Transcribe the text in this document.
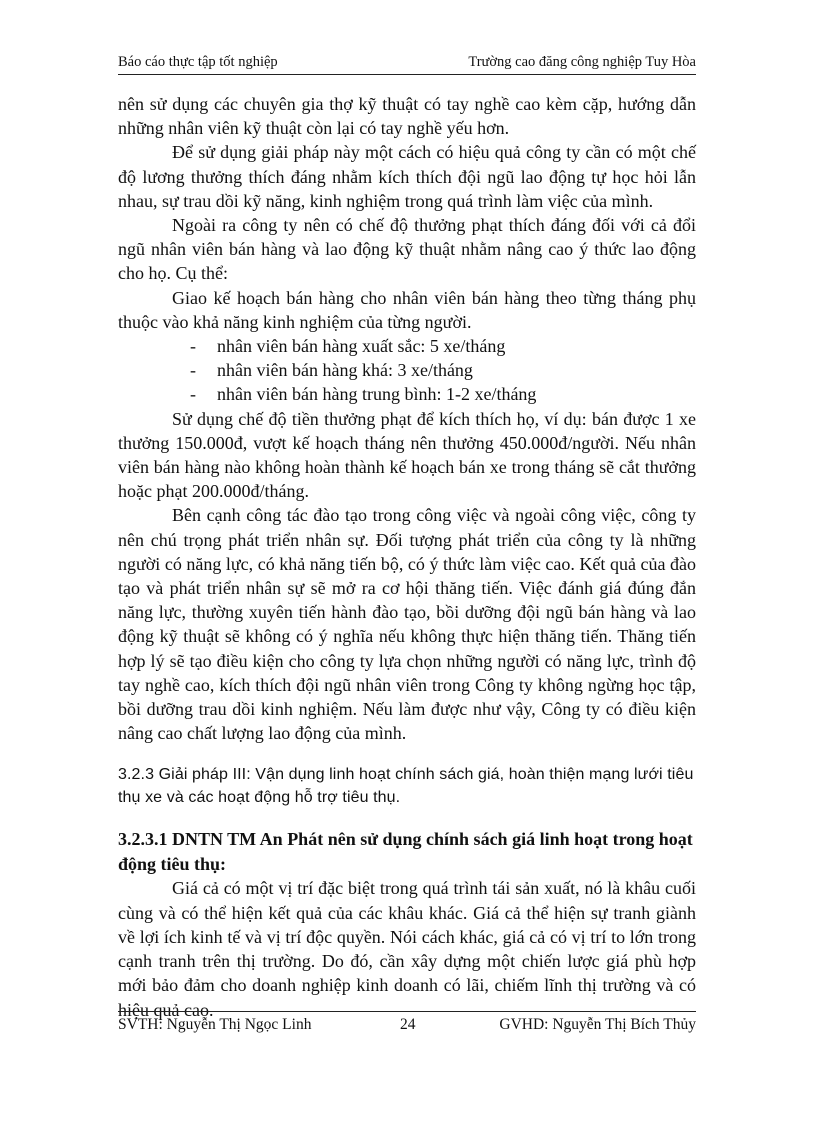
Báo cáo thực tập tốt nghiệp	Trường cao đăng công nghiệp Tuy Hòa

nên sử dụng các chuyên gia thợ kỹ thuật có tay nghề cao kèm cặp, hướng dẫn những nhân viên kỹ thuật còn lại có tay nghề yếu hơn.

Để sử dụng giải pháp này một cách có hiệu quả công ty cần có một chế độ lương thưởng thích đáng nhằm kích thích đội ngũ lao động tự học hỏi lẫn nhau, sự trau dồi kỹ năng, kinh nghiệm trong quá trình làm việc của mình.

Ngoài ra công ty nên có chế độ thưởng phạt thích đáng đối với cả đổi ngũ nhân viên bán hàng và lao động kỹ thuật nhằm nâng cao ý thức lao động cho họ. Cụ thể:

Giao kế hoạch bán hàng cho nhân viên bán hàng theo từng tháng phụ thuộc vào khả năng kinh nghiệm của từng người.

- nhân viên bán hàng xuất sắc: 5 xe/tháng
- nhân viên bán hàng khá: 3 xe/tháng
- nhân viên bán hàng trung bình: 1-2 xe/tháng

Sử dụng chế độ tiền thưởng phạt để kích thích họ, ví dụ: bán được 1 xe thưởng 150.000đ, vượt kế hoạch tháng nên thưởng 450.000đ/người. Nếu nhân viên bán hàng nào không hoàn thành kế hoạch bán xe trong tháng sẽ cắt thưởng hoặc phạt 200.000đ/tháng.

Bên cạnh công tác đào tạo trong công việc và ngoài công việc, công ty nên chú trọng phát triển nhân sự. Đối tượng phát triển của công ty là những người có năng lực, có khả năng tiến bộ, có ý thức làm việc cao. Kết quả của đào tạo và phát triển nhân sự sẽ mở ra cơ hội thăng tiến. Việc đánh giá đúng đắn năng lực, thường xuyên tiến hành đào tạo, bồi dưỡng đội ngũ bán hàng và lao động kỹ thuật sẽ không có ý nghĩa nếu không thực hiện thăng tiến. Thăng tiến hợp lý sẽ tạo điều kiện cho công ty lựa chọn những người có năng lực, trình độ tay nghề cao, kích thích đội ngũ nhân viên trong Công ty không ngừng học tập, bồi dưỡng trau dồi kinh nghiệm. Nếu làm được như vậy, Công ty có điều kiện nâng cao chất lượng lao động của mình.

3.2.3 Giải pháp III: Vận dụng linh hoạt chính sách giá, hoàn thiện mạng lưới tiêu thụ xe và các hoạt động hỗ trợ tiêu thụ.
3.2.3.1 DNTN TM An Phát nên sử dụng chính sách giá linh hoạt trong hoạt động tiêu thụ:

Giá cả có một vị trí đặc biệt trong quá trình tái sản xuất, nó là khâu cuối cùng và có thể hiện kết quả của các khâu khác. Giá cả thể hiện sự tranh giành về lợi ích kinh tế và vị trí độc quyền. Nói cách khác, giá cả có vị trí to lớn trong cạnh tranh trên thị trường. Do đó, cần xây dựng một chiến lược giá phù hợp mới bảo đảm cho doanh nghiệp kinh doanh có lãi, chiếm lĩnh thị trường và có hiệu quả cao.

SVTH: Nguyễn Thị Ngọc Linh	24	GVHD: Nguyễn Thị Bích Thủy
